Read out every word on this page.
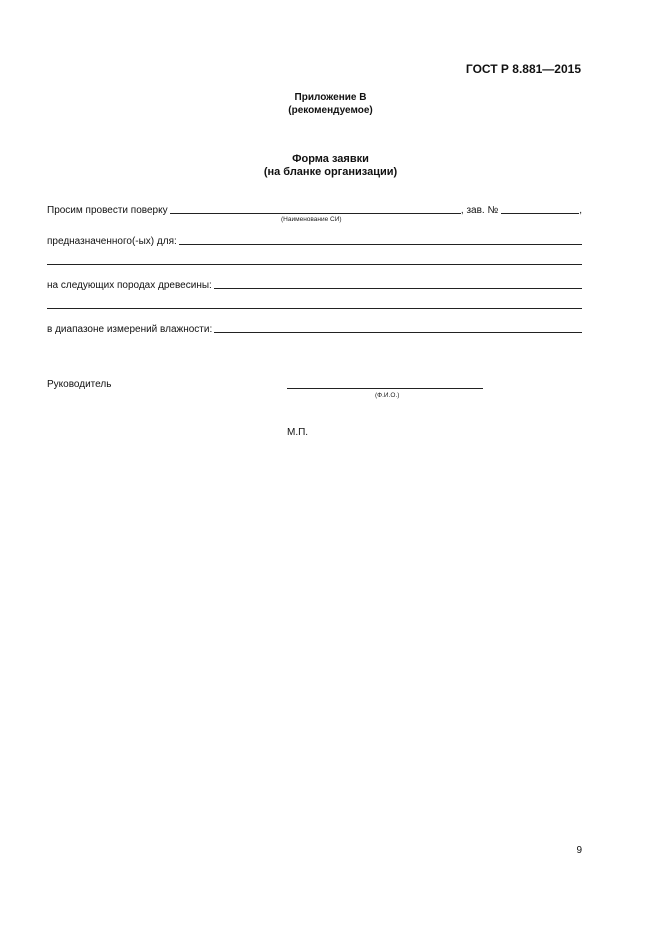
ГОСТ Р 8.881—2015
Приложение В
(рекомендуемое)
Форма заявки
(на бланке организации)
Просим провести поверку	, зав. №	,
(Наименование СИ)
предназначенного(-ых) для:
на следующих породах древесины:
в диапазоне измерений влажности:
Руководитель
(Ф.И.О.)
М.П.
9
